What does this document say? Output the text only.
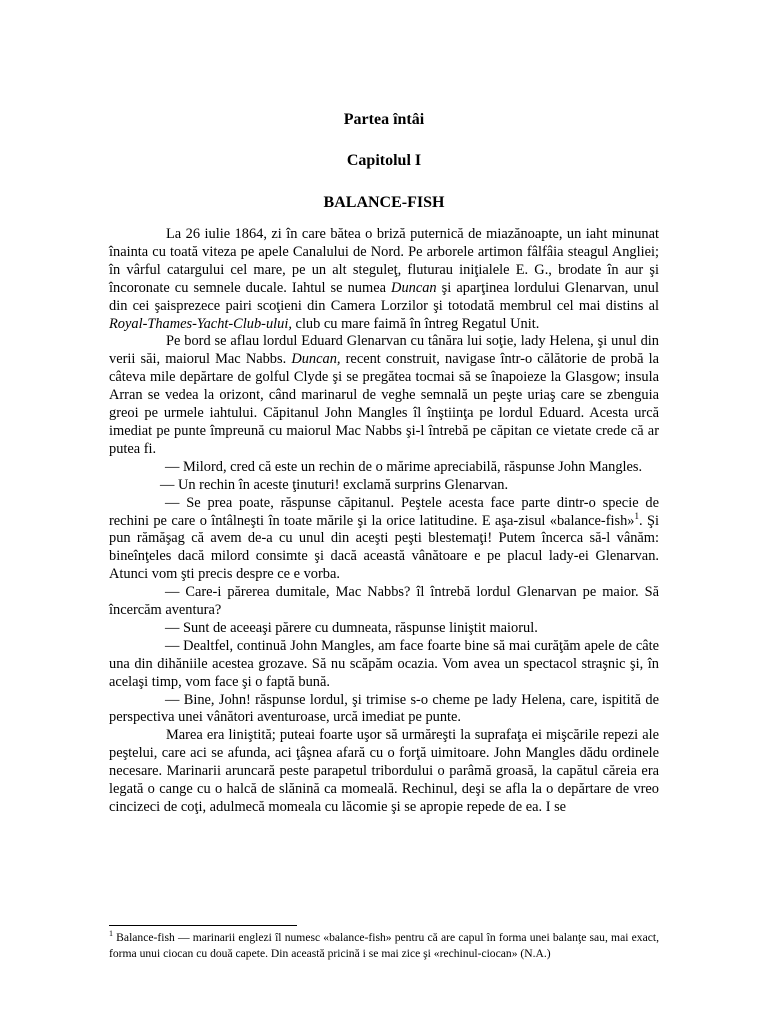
Partea întâi
Capitolul I
BALANCE-FISH

La 26 iulie 1864, zi în care bătea o briză puternică de miazănoapte, un iaht minunat înainta cu toată viteza pe apele Canalului de Nord. Pe arborele artimon fâlfâia steagul Angliei; în vârful catargului cel mare, pe un alt steguleţ, fluturau iniţialele E. G., brodate în aur şi încoronate cu semnele ducale. Iahtul se numea Duncan şi aparţinea lordului Glenarvan, unul din cei şaisprezece pairi scoţieni din Camera Lorzilor şi totodată membrul cel mai distins al Royal-Thames-Yacht-Club-ului, club cu mare faimă în întreg Regatul Unit.

Pe bord se aflau lordul Eduard Glenarvan cu tânăra lui soţie, lady Helena, şi unul din verii săi, maiorul Mac Nabbs. Duncan, recent construit, navigase într-o călătorie de probă la câteva mile depărtare de golful Clyde şi se pregătea tocmai să se înapoieze la Glasgow; insula Arran se vedea la orizont, când marinarul de veghe semnală un peşte uriaş care se zbenguia greoi pe urmele iahtului. Căpitanul John Mangles îl înştiinţa pe lordul Eduard. Acesta urcă imediat pe punte împreună cu maiorul Mac Nabbs şi-l întrebă pe căpitan ce vietate crede că ar putea fi.

— Milord, cred că este un rechin de o mărime apreciabilă, răspunse John Mangles.

— Un rechin în aceste ţinuturi! exclamă surprins Glenarvan.

— Se prea poate, răspunse căpitanul. Peştele acesta face parte dintr-o specie de rechini pe care o întâlneşti în toate mările şi la orice latitudine. E aşa-zisul «balance-fish»$^1$. Şi pun rămăşag că avem de-a cu unul din aceşti peşti blestemaţi! Putem încerca să-l vânăm: bineînţeles dacă milord consimte şi dacă această vânătoare e pe placul lady-ei Glenarvan. Atunci vom şti precis despre ce e vorba.

— Care-i părerea dumitale, Mac Nabbs? îl întrebă lordul Glenarvan pe maior. Să încercăm aventura?

— Sunt de aceeaşi părere cu dumneata, răspunse liniştit maiorul.

— Dealtfel, continuă John Mangles, am face foarte bine să mai curăţăm apele de câte una din dihăniile acestea grozave. Să nu scăpăm ocazia. Vom avea un spectacol straşnic şi, în acelaşi timp, vom face şi o faptă bună.

— Bine, John! răspunse lordul, şi trimise s-o cheme pe lady Helena, care, ispitită de perspectiva unei vânători aventuroase, urcă imediat pe punte.

Marea era liniştită; puteai foarte uşor să urmăreşti la suprafaţa ei mişcările repezi ale peştelui, care aci se afunda, aci ţâşnea afară cu o forţă uimitoare. John Mangles dădu ordinele necesare. Marinarii aruncară peste parapetul tribordului o parâmă groasă, la capătul căreia era legată o cange cu o halcă de slănină ca momeală. Rechinul, deşi se afla la o depărtare de vreo cincizeci de coţi, adulmecă momeala cu lăcomie şi se apropie repede de ea. I se

$^1$ Balance-fish — marinarii englezi îl numesc «balance-fish» pentru că are capul în forma unei balanţe sau, mai exact, forma unui ciocan cu două capete. Din această pricină i se mai zice şi «rechinul-ciocan» (N.A.)
